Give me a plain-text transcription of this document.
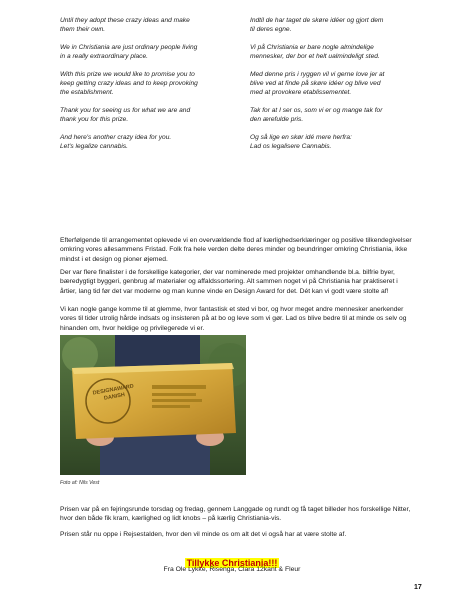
Until they adopt these crazy ideas and make
them their own.

We in Christiania are just ordinary people living
in a really extraordinary place.

With this prize we would like to promise you to
keep getting crazy ideas and to keep provoking
the establishment.

Thank you for seeing us for what we are and
thank you for this prize.

And here's another crazy idea for you.
Let's legalize cannabis.

Indtil de har taget de skøre idéer og gjort dem
til deres egne.

Vi på Christiania er bare nogle almindelige
mennesker, der bor et helt ualmindeligt sted.

Med denne pris i ryggen vil vi gerne love jer at
blive ved at finde på skøre idéer og blive ved
med at provokere etablissementet.

Tak for at I ser os, som vi er og mange tak for
den ærefulde pris.

Og så lige en skør idé mere herfra:
Lad os legalisere Cannabis.

Efterfølgende til arrangementet oplevede vi en overvældende flod af kærlighedserklæringer og positive tilkendegivelser omkring vores allesammens Fristad. Folk fra hele verden delte deres minder og beundringer omkring Christiania, ikke mindst i et design og pioner øjemed.

Der var flere finalister i de forskellige kategorier, der var nominerede med projekter omhandlende bl.a. bilfrie byer, bæredygtigt byggeri, genbrug af materialer og affaldssortering. Alt sammen noget vi på Christiania har praktiseret i årtier, lang tid før det var moderne og man kunne vinde en Design Award for det. Dét kan vi godt være stolte af!

Vi kan nogle gange komme til at glemme, hvor fantastisk et sted vi bor, og hvor meget andre mennesker anerkender vores til tider utrolig hårde indsats og insisteren på at bo og leve som vi gør. Lad os blive bedre til at minde os selv og hinanden om, hvor heldige og privilegerede vi er.

DESIGNAWARD DANISH
Foto af: Nils Vest

Prisen var på en fejringsrunde torsdag og fredag, gennem Langgade og rundt og få taget billeder hos forskellige Nitter, hvor den både fik kram, kærlighed og lidt knobs – på kærlig Christiania-vis.

Prisen står nu oppe i Rejsestalden, hvor den vil minde os om alt det vi også har at være stolte af.

Tillykke Christiania!!!
Fra Ole Lykke, Risenga, Clara 12kant & Fleur
17
